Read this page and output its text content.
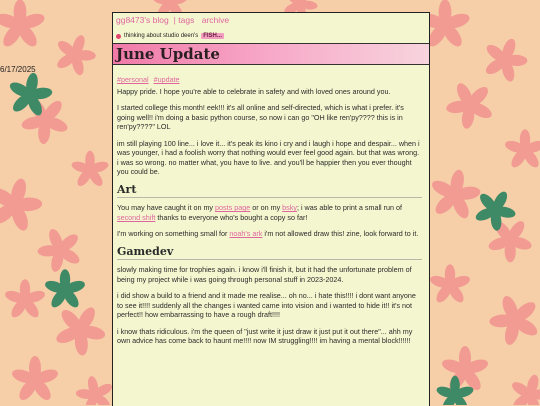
gg8473's blog | tags archive
thinking about studio deen's FISH...
June Update
6/17/2025
#personal #update

Happy pride. I hope you're able to celebrate in safety and with loved ones around you.

I started college this month! eek!!! it's all online and self-directed, which is what i prefer. it's going well!! i'm doing a basic python course, so now i can go "OH like ren'py???? this is in ren'py????" LOL

im still playing 100 line... i love it... it's peak its kino i cry and i laugh i hope and despair... when i was younger, i had a foolish worry that nothing would ever feel good again. but that was wrong. i was so wrong. no matter what, you have to live. and you'll be happier then you ever thought you could be.

Art

You may have caught it on my posts page or on my bsky; i was able to print a small run of second shift thanks to everyone who's bought a copy so far!

I'm working on something small for noah's ark i'm not allowed draw this! zine, look forward to it.

Gamedev

slowly making time for trophies again. i know i'll finish it, but it had the unfortunate problem of being my project while i was going through personal stuff in 2023-2024.

i did show a build to a friend and it made me realise... oh no... i hate this!!!! i dont want anyone to see it!!!! suddenly all the changes i wanted came into vision and i wanted to hide it!! it's not perfect!! how embarrassing to have a rough draft!!!!

i know thats ridiculous. i'm the queen of "just write it just draw it just put it out there"... ahh my own advice has come back to haunt me!!!! now IM struggling!!!! im having a mental block!!!!!!
